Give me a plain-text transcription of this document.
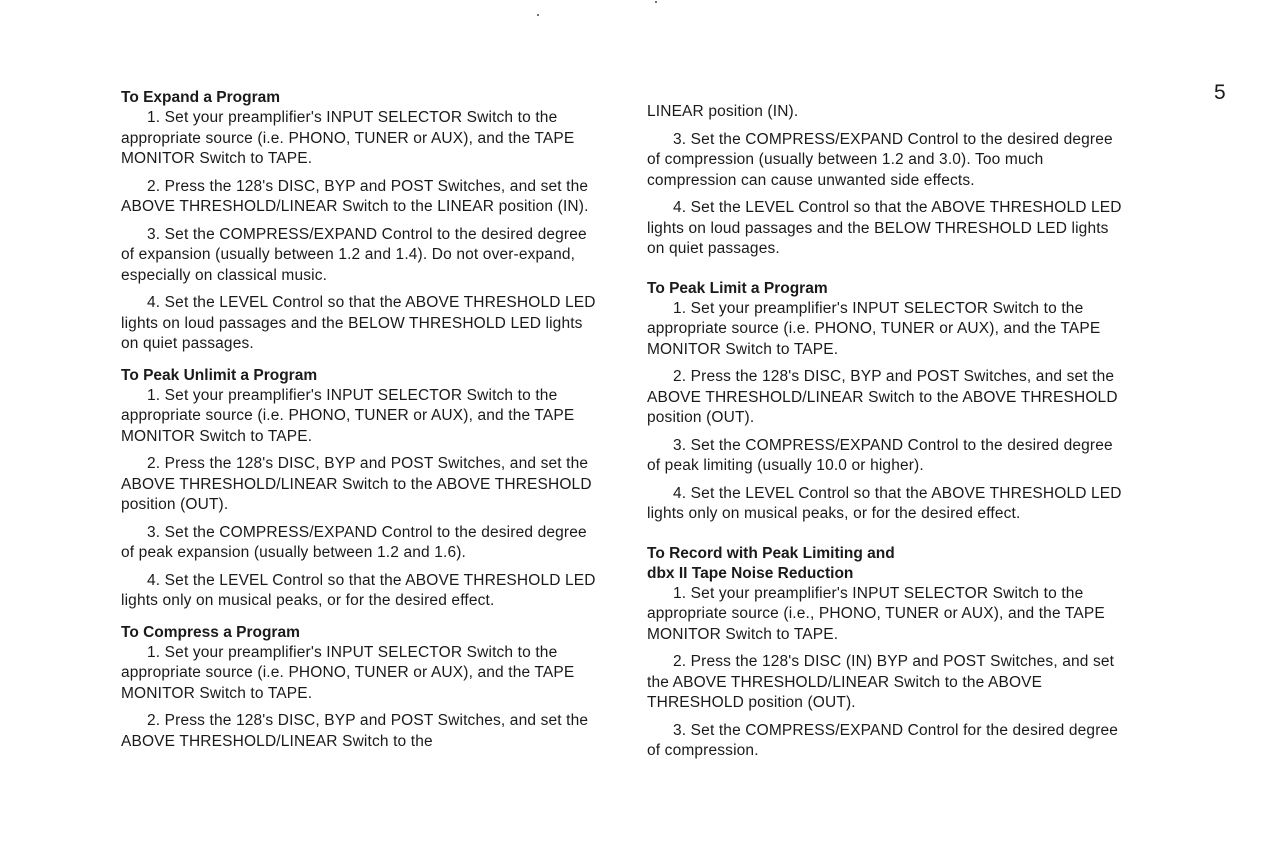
5

To Expand a Program

1. Set your preamplifier's INPUT SELECTOR Switch to the appropriate source (i.e. PHONO, TUNER or AUX), and the TAPE MONITOR Switch to TAPE.

2. Press the 128's DISC, BYP and POST Switches, and set the ABOVE THRESHOLD/LINEAR Switch to the LINEAR position (IN).

3. Set the COMPRESS/EXPAND Control to the desired degree of expansion (usually between 1.2 and 1.4). Do not over-expand, especially on classical music.

4. Set the LEVEL Control so that the ABOVE THRESHOLD LED lights on loud passages and the BELOW THRESHOLD LED lights on quiet passages.

To Peak Unlimit a Program

1. Set your preamplifier's INPUT SELECTOR Switch to the appropriate source (i.e. PHONO, TUNER or AUX), and the TAPE MONITOR Switch to TAPE.

2. Press the 128's DISC, BYP and POST Switches, and set the ABOVE THRESHOLD/LINEAR Switch to the ABOVE THRESHOLD position (OUT).

3. Set the COMPRESS/EXPAND Control to the desired degree of peak expansion (usually between 1.2 and 1.6).

4. Set the LEVEL Control so that the ABOVE THRESHOLD LED lights only on musical peaks, or for the desired effect.

To Compress a Program

1. Set your preamplifier's INPUT SELECTOR Switch to the appropriate source (i.e. PHONO, TUNER or AUX), and the TAPE MONITOR Switch to TAPE.

2. Press the 128's DISC, BYP and POST Switches, and set the ABOVE THRESHOLD/LINEAR Switch to the

LINEAR position (IN).

3. Set the COMPRESS/EXPAND Control to the desired degree of compression (usually between 1.2 and 3.0). Too much compression can cause unwanted side effects.

4. Set the LEVEL Control so that the ABOVE THRESHOLD LED lights on loud passages and the BELOW THRESHOLD LED lights on quiet passages.

To Peak Limit a Program

1. Set your preamplifier's INPUT SELECTOR Switch to the appropriate source (i.e. PHONO, TUNER or AUX), and the TAPE MONITOR Switch to TAPE.

2. Press the 128's DISC, BYP and POST Switches, and set the ABOVE THRESHOLD/LINEAR Switch to the ABOVE THRESHOLD position (OUT).

3. Set the COMPRESS/EXPAND Control to the desired degree of peak limiting (usually 10.0 or higher).

4. Set the LEVEL Control so that the ABOVE THRESHOLD LED lights only on musical peaks, or for the desired effect.

To Record with Peak Limiting and

dbx II Tape Noise Reduction

1. Set your preamplifier's INPUT SELECTOR Switch to the appropriate source (i.e., PHONO, TUNER or AUX), and the TAPE MONITOR Switch to TAPE.

2. Press the 128's DISC (IN) BYP and POST Switches, and set the ABOVE THRESHOLD/LINEAR Switch to the ABOVE THRESHOLD position (OUT).

3. Set the COMPRESS/EXPAND Control for the desired degree of compression.
